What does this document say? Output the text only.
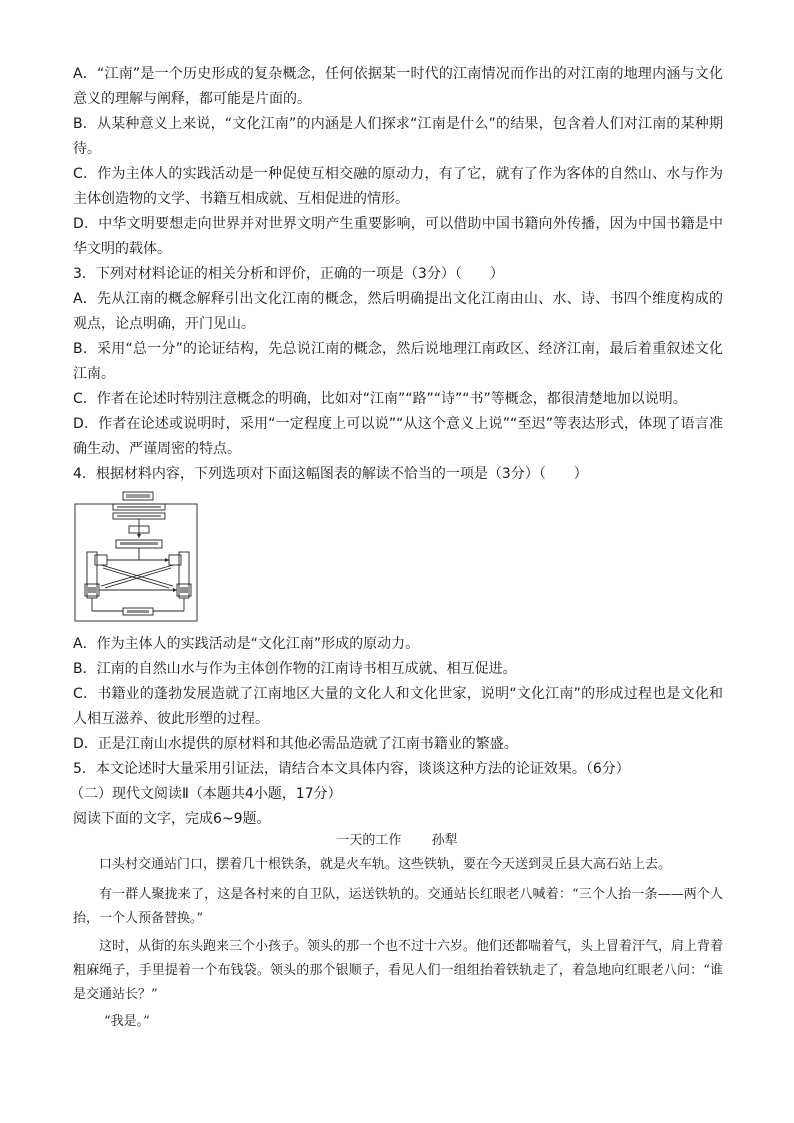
A．“江南”是一个历史形成的复杂概念，任何依据某一时代的江南情况而作出的对江南的地理内涵与文化意义的理解与阐释，都可能是片面的。

B．从某种意义上来说，“文化江南”的内涵是人们探求“江南是什么”的结果，包含着人们对江南的某种期待。

C．作为主体人的实践活动是一种促使互相交融的原动力，有了它，就有了作为客体的自然山、水与作为主体创造物的文学、书籍互相成就、互相促进的情形。

D．中华文明要想走向世界并对世界文明产生重要影响，可以借助中国书籍向外传播，因为中国书籍是中华文明的载体。

3．下列对材料论证的相关分析和评价，正确的一项是（3分）（　　）

A．先从江南的概念解释引出文化江南的概念，然后明确提出文化江南由山、水、诗、书四个维度构成的观点，论点明确，开门见山。

B．采用“总一分”的论证结构，先总说江南的概念，然后说地理江南政区、经济江南，最后着重叙述文化江南。

C．作者在论述时特别注意概念的明确，比如对“江南”“路”“诗”“书”等概念，都很清楚地加以说明。

D．作者在论述或说明时，采用“一定程度上可以说”“从这个意义上说”“至迟”等表达形式，体现了语言准确生动、严谨周密的特点。

4．根据材料内容，下列选项对下面这幅图表的解读不恰当的一项是（3分）（　　）

A．作为主体人的实践活动是“文化江南”形成的原动力。

B．江南的自然山水与作为主体创作物的江南诗书相互成就、相互促进。

C．书籍业的蓬勃发展造就了江南地区大量的文化人和文化世家，说明“文化江南”的形成过程也是文化和人相互滋养、彼此形塑的过程。

D．正是江南山水提供的原材料和其他必需品造就了江南书籍业的繁盛。

5．本文论述时大量采用引证法，请结合本文具体内容，谈谈这种方法的论证效果。（6分）

（二）现代文阅读Ⅱ（本题共4小题，17分）

阅读下面的文字，完成6~9题。

一天的工作 孙犁

口头村交通站门口，摆着几十根铁条，就是火车轨。这些铁轨，要在今天送到灵丘县大高石站上去。

有一群人聚拢来了，这是各村来的自卫队，运送铁轨的。交通站长红眼老八喊着：“三个人抬一条——两个人抬，一个人预备替换。”

这时，从街的东头跑来三个小孩子。领头的那一个也不过十六岁。他们还都喘着气，头上冒着汗气，肩上背着粗麻绳子，手里提着一个布钱袋。领头的那个银顺子，看见人们一组组抬着铁轨走了，着急地向红眼老八问：“谁是交通站长？”

“我是。”
